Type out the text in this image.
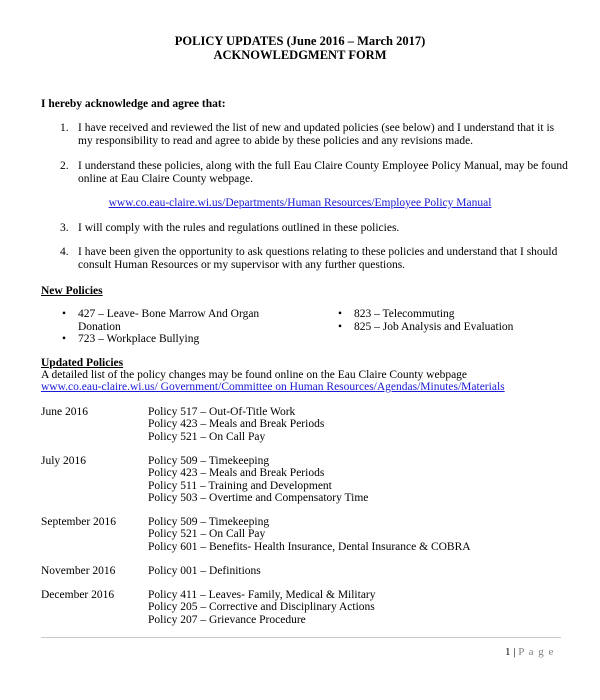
POLICY UPDATES (June 2016 – March 2017)
ACKNOWLEDGMENT FORM
I hereby acknowledge and agree that:
1. I have received and reviewed the list of new and updated policies (see below) and I understand that it is my responsibility to read and agree to abide by these policies and any revisions made.
2. I understand these policies, along with the full Eau Claire County Employee Policy Manual, may be found online at Eau Claire County webpage.
www.co.eau-claire.wi.us/Departments/Human Resources/Employee Policy Manual
3. I will comply with the rules and regulations outlined in these policies.
4. I have been given the opportunity to ask questions relating to these policies and understand that I should consult Human Resources or my supervisor with any further questions.
New Policies
• 427 – Leave- Bone Marrow And Organ Donation
• 723 – Workplace Bullying
• 823 – Telecommuting
• 825 – Job Analysis and Evaluation
Updated Policies
A detailed list of the policy changes may be found online on the Eau Claire County webpage
www.co.eau-claire.wi.us/ Government/Committee on Human Resources/Agendas/Minutes/Materials
June 2016	Policy 517 – Out-Of-Title Work
Policy 423 – Meals and Break Periods
Policy 521 – On Call Pay
July 2016	Policy 509 – Timekeeping
Policy 423 – Meals and Break Periods
Policy 511 – Training and Development
Policy 503 – Overtime and Compensatory Time
September 2016	Policy 509 – Timekeeping
Policy 521 – On Call Pay
Policy 601 – Benefits- Health Insurance, Dental Insurance & COBRA
November 2016	Policy 001 – Definitions
December 2016	Policy 411 – Leaves- Family, Medical & Military
Policy 205 – Corrective and Disciplinary Actions
Policy 207 – Grievance Procedure
1 | P a g e
